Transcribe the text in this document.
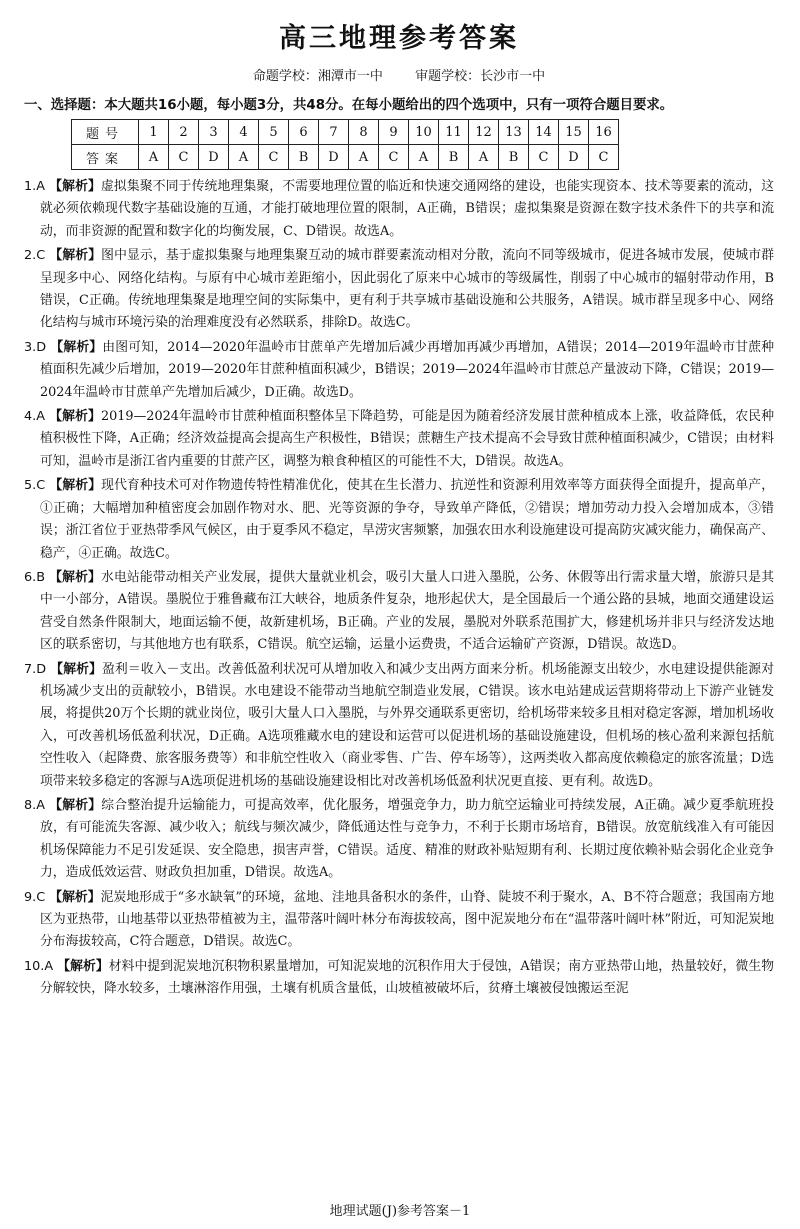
高三地理参考答案
命题学校：湘潭市一中 审题学校：长沙市一中
一、选择题：本大题共16小题，每小题3分，共48分。在每小题给出的四个选项中，只有一项符合题目要求。
题号	1	2	3	4	5	6	7	8	9	10	11	12	13	14	15	16
答案	A	C	D	A	C	B	D	A	C	A	B	A	B	C	D	C

1.A 【解析】虚拟集聚不同于传统地理集聚，不需要地理位置的临近和快速交通网络的建设，也能实现资本、技术等要素的流动，这就必须依赖现代数字基础设施的互通，才能打破地理位置的限制，A正确，B错误；虚拟集聚是资源在数字技术条件下的共享和流动，而非资源的配置和数字化的均衡发展，C、D错误。故选A。

2.C 【解析】图中显示，基于虚拟集聚与地理集聚互动的城市群要素流动相对分散，流向不同等级城市，促进各城市发展，使城市群呈现多中心、网络化结构。与原有中心城市差距缩小，因此弱化了原来中心城市的等级属性，削弱了中心城市的辐射带动作用，B错误，C正确。传统地理集聚是地理空间的实际集中，更有利于共享城市基础设施和公共服务，A错误。城市群呈现多中心、网络化结构与城市环境污染的治理难度没有必然联系，排除D。故选C。

3.D 【解析】由图可知，2014—2020年温岭市甘蔗单产先增加后减少再增加再减少再增加，A错误；2014—2019年温岭市甘蔗种植面积先减少后增加，2019—2020年甘蔗种植面积减少，B错误；2019—2024年温岭市甘蔗总产量波动下降，C错误；2019—2024年温岭市甘蔗单产先增加后减少，D正确。故选D。

4.A 【解析】2019—2024年温岭市甘蔗种植面积整体呈下降趋势，可能是因为随着经济发展甘蔗种植成本上涨，收益降低，农民种植积极性下降，A正确；经济效益提高会提高生产积极性，B错误；蔗糖生产技术提高不会导致甘蔗种植面积减少，C错误；由材料可知，温岭市是浙江省内重要的甘蔗产区，调整为粮食种植区的可能性不大，D错误。故选A。

5.C 【解析】现代育种技术可对作物遗传特性精准优化，使其在生长潜力、抗逆性和资源利用效率等方面获得全面提升，提高单产，①正确；大幅增加种植密度会加剧作物对水、肥、光等资源的争夺，导致单产降低，②错误；增加劳动力投入会增加成本，③错误；浙江省位于亚热带季风气候区，由于夏季风不稳定，旱涝灾害频繁，加强农田水利设施建设可提高防灾减灾能力，确保高产、稳产，④正确。故选C。

6.B 【解析】水电站能带动相关产业发展，提供大量就业机会，吸引大量人口进入墨脱，公务、休假等出行需求量大增，旅游只是其中一小部分，A错误。墨脱位于雅鲁藏布江大峡谷，地质条件复杂，地形起伏大，是全国最后一个通公路的县城，地面交通建设运营受自然条件限制大，地面运输不便，故新建机场，B正确。产业的发展，墨脱对外联系范围扩大，修建机场并非只与经济发达地区的联系密切，与其他地方也有联系，C错误。航空运输，运量小运费贵，不适合运输矿产资源，D错误。故选D。

7.D 【解析】盈利＝收入－支出。改善低盈利状况可从增加收入和减少支出两方面来分析。机场能源支出较少，水电建设提供能源对机场减少支出的贡献较小，B错误。水电建设不能带动当地航空制造业发展，C错误。该水电站建成运营期将带动上下游产业链发展，将提供20万个长期的就业岗位，吸引大量人口入墨脱，与外界交通联系更密切，给机场带来较多且相对稳定客源，增加机场收入，可改善机场低盈利状况，D正确。A选项雅藏水电的建设和运营可以促进机场的基础设施建设，但机场的核心盈利来源包括航空性收入（起降费、旅客服务费等）和非航空性收入（商业零售、广告、停车场等），这两类收入都高度依赖稳定的旅客流量；D选项带来较多稳定的客源与A选项促进机场的基础设施建设相比对改善机场低盈利状况更直接、更有利。故选D。

8.A 【解析】综合整治提升运输能力，可提高效率，优化服务，增强竞争力，助力航空运输业可持续发展，A正确。减少夏季航班投放，有可能流失客源、减少收入；航线与频次减少，降低通达性与竞争力，不利于长期市场培育，B错误。放宽航线准入有可能因机场保障能力不足引发延误、安全隐患，损害声誉，C错误。适度、精准的财政补贴短期有利、长期过度依赖补贴会弱化企业竞争力，造成低效运营、财政负担加重，D错误。故选A。

9.C 【解析】泥炭地形成于“多水缺氧”的环境，盆地、洼地具备积水的条件，山脊、陡坡不利于聚水，A、B不符合题意；我国南方地区为亚热带，山地基带以亚热带植被为主，温带落叶阔叶林分布海拔较高，图中泥炭地分布在“温带落叶阔叶林”附近，可知泥炭地分布海拔较高，C符合题意，D错误。故选C。

10.A 【解析】材料中提到泥炭地沉积物积累量增加，可知泥炭地的沉积作用大于侵蚀，A错误；南方亚热带山地，热量较好，微生物分解较快，降水较多，土壤淋溶作用强，土壤有机质含量低，山坡植被破坏后，贫瘠土壤被侵蚀搬运至泥

地理试题(J)参考答案－1
